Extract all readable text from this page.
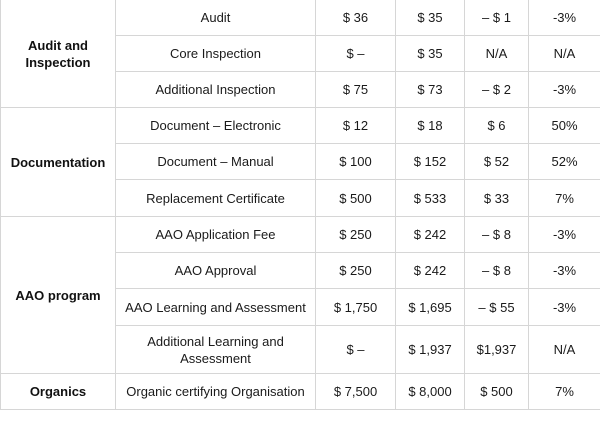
Audit and Inspection	Audit	$ 36	$ 35	– $ 1	-3%
	Core Inspection	$ –	$ 35	N/A	N/A
	Additional Inspection	$ 75	$ 73	– $ 2	-3%
Documentation	Document – Electronic	$ 12	$ 18	$ 6	50%
	Document – Manual	$ 100	$ 152	$ 52	52%
	Replacement Certificate	$ 500	$ 533	$ 33	7%
AAO program	AAO Application Fee	$ 250	$ 242	– $ 8	-3%
	AAO Approval	$ 250	$ 242	– $ 8	-3%
	AAO Learning and Assessment	$ 1,750	$ 1,695	– $ 55	-3%
	Additional Learning and Assessment	$ –	$ 1,937	$1,937	N/A
Organics	Organic certifying Organisation	$ 7,500	$ 8,000	$ 500	7%
